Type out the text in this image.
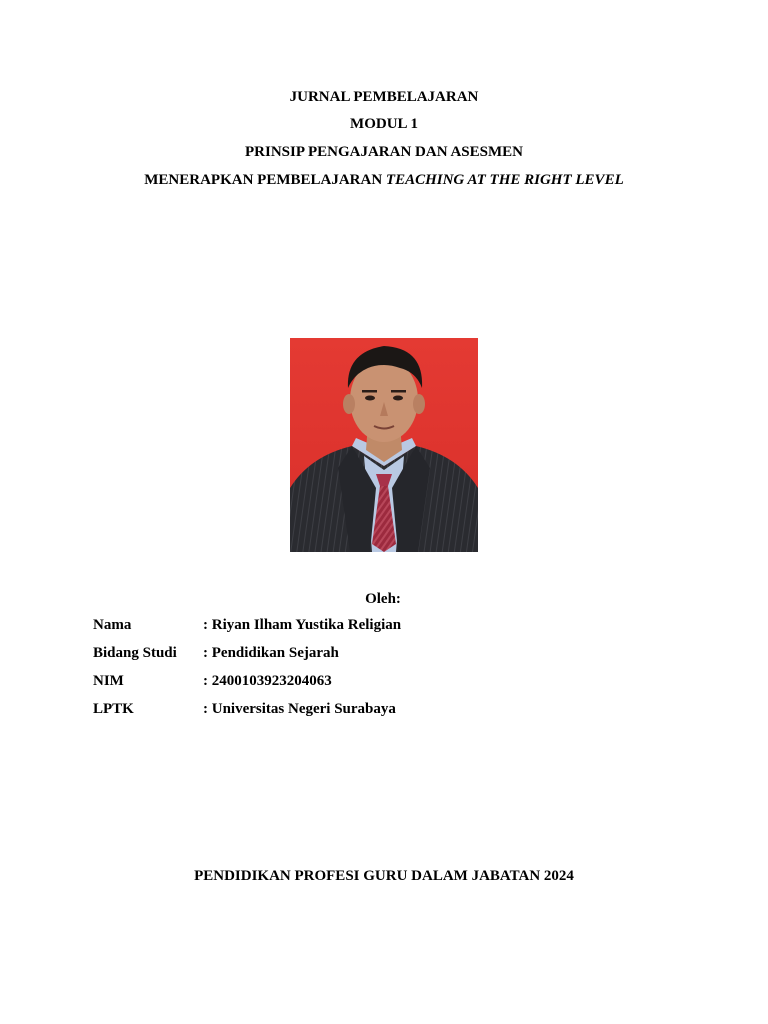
JURNAL PEMBELAJARAN
MODUL 1
PRINSIP PENGAJARAN DAN ASESMEN
MENERAPKAN PEMBELAJARAN TEACHING AT THE RIGHT LEVEL
Oleh:
Nama	: Riyan Ilham Yustika Religian
Bidang Studi	: Pendidikan Sejarah
NIM	: 2400103923204063
LPTK	: Universitas Negeri Surabaya
PENDIDIKAN PROFESI GURU DALAM JABATAN 2024
